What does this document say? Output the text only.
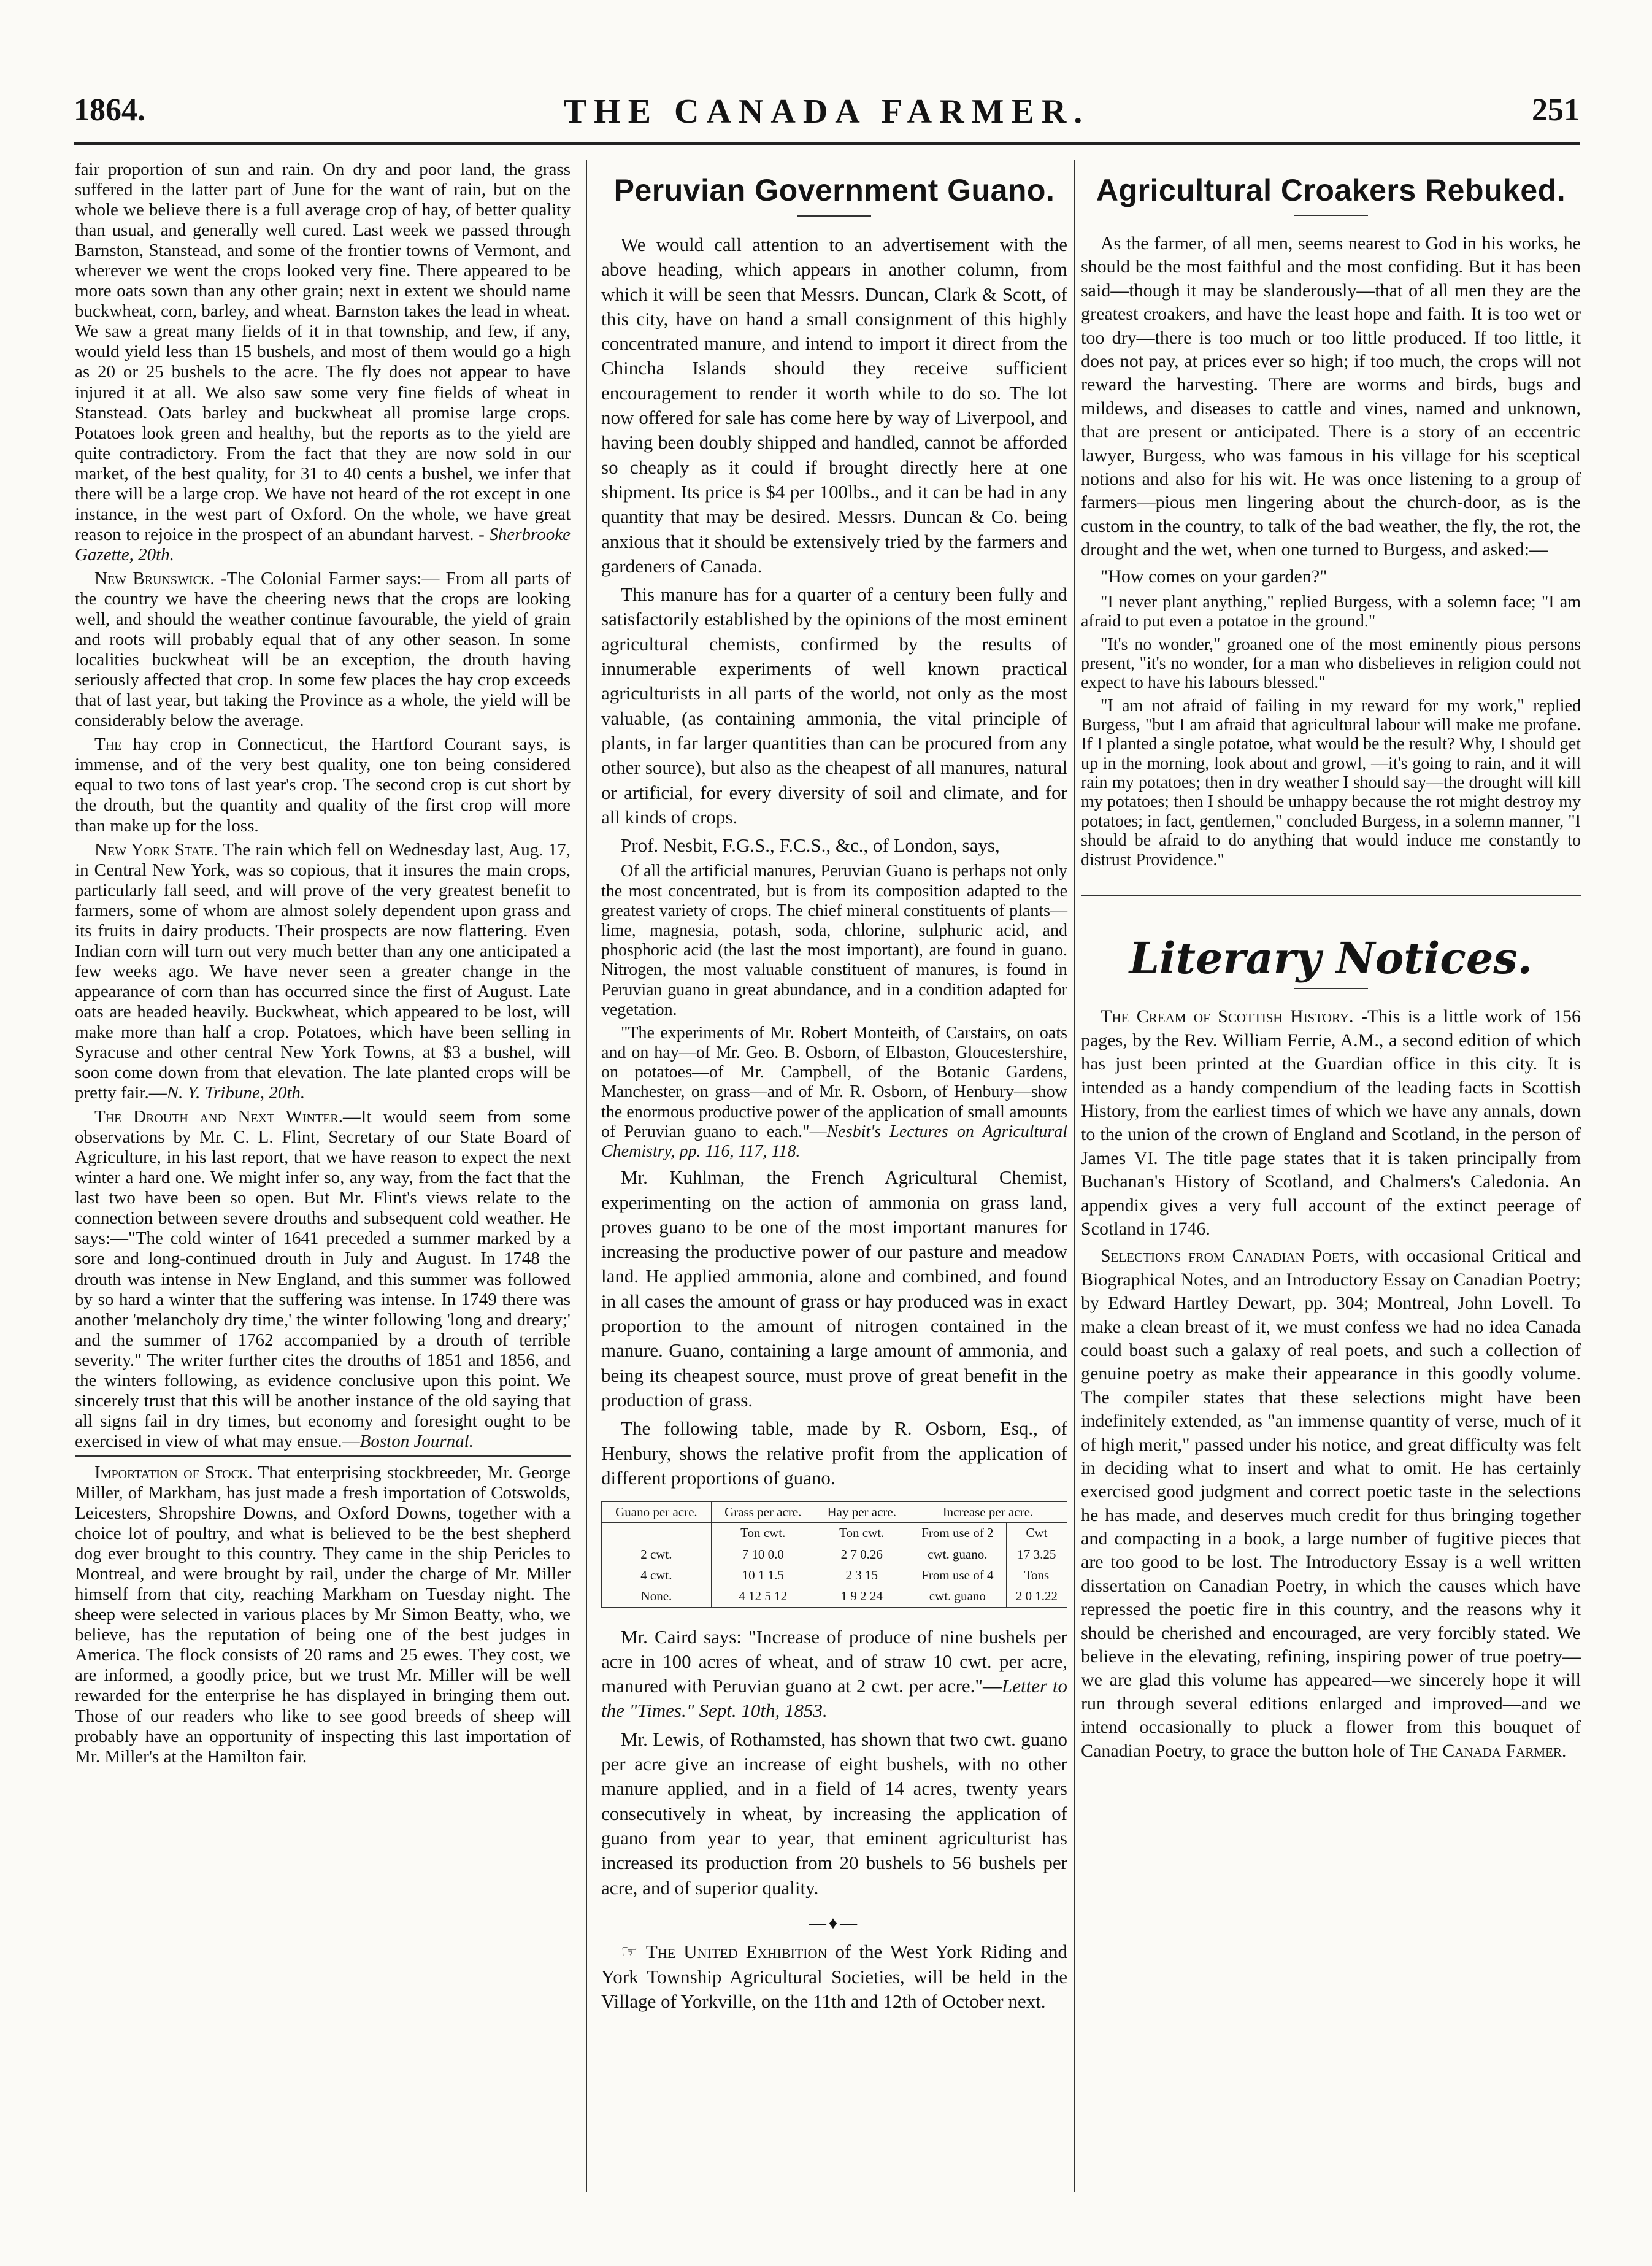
1864.	THE CANADA FARMER.	251

fair proportion of sun and rain. On dry and poor land, the grass suffered in the latter part of June for the want of rain, but on the whole we believe there is a full average crop of hay, of better quality than usual, and generally well cured. Last week we passed through Barnston, Stanstead, and some of the frontier towns of Vermont, and wherever we went the crops looked very fine. There appeared to be more oats sown than any other grain; next in extent we should name buckwheat, corn, barley, and wheat. Barnston takes the lead in wheat. We saw a great many fields of it in that township, and few, if any, would yield less than 15 bushels, and most of them would go a high as 20 or 25 bushels to the acre. The fly does not appear to have injured it at all. We also saw some very fine fields of wheat in Stanstead. Oats barley and buckwheat all promise large crops. Potatoes look green and healthy, but the reports as to the yield are quite contradictory. From the fact that they are now sold in our market, of the best quality, for 31 to 40 cents a bushel, we infer that there will be a large crop. We have not heard of the rot except in one instance, in the west part of Oxford. On the whole, we have great reason to rejoice in the prospect of an abundant harvest. - Sherbrooke Gazette, 20th.

New Brunswick. -The Colonial Farmer says:— From all parts of the country we have the cheering news that the crops are looking well, and should the weather continue favourable, the yield of grain and roots will probably equal that of any other season. In some localities buckwheat will be an exception, the drouth having seriously affected that crop. In some few places the hay crop exceeds that of last year, but taking the Province as a whole, the yield will be considerably below the average.

The hay crop in Connecticut, the Hartford Courant says, is immense, and of the very best quality, one ton being considered equal to two tons of last year's crop. The second crop is cut short by the drouth, but the quantity and quality of the first crop will more than make up for the loss.

New York State. The rain which fell on Wednesday last, Aug. 17, in Central New York, was so copious, that it insures the main crops, particularly fall seed, and will prove of the very greatest benefit to farmers, some of whom are almost solely dependent upon grass and its fruits in dairy products. Their prospects are now flattering. Even Indian corn will turn out very much better than any one anticipated a few weeks ago. We have never seen a greater change in the appearance of corn than has occurred since the first of August. Late oats are headed heavily. Buckwheat, which appeared to be lost, will make more than half a crop. Potatoes, which have been selling in Syracuse and other central New York Towns, at $3 a bushel, will soon come down from that elevation. The late planted crops will be pretty fair.—N. Y. Tribune, 20th.

The Drouth and Next Winter.—It would seem from some observations by Mr. C. L. Flint, Secretary of our State Board of Agriculture, in his last report, that we have reason to expect the next winter a hard one. We might infer so, any way, from the fact that the last two have been so open. But Mr. Flint's views relate to the connection between severe drouths and subsequent cold weather. He says:—"The cold winter of 1641 preceded a summer marked by a sore and long-continued drouth in July and August. In 1748 the drouth was intense in New England, and this summer was followed by so hard a winter that the suffering was intense. In 1749 there was another 'melancholy dry time,' the winter following 'long and dreary;' and the summer of 1762 accompanied by a drouth of terrible severity." The writer further cites the drouths of 1851 and 1856, and the winters following, as evidence conclusive upon this point. We sincerely trust that this will be another instance of the old saying that all signs fail in dry times, but economy and foresight ought to be exercised in view of what may ensue.—Boston Journal.

Importation of Stock. That enterprising stockbreeder, Mr. George Miller, of Markham, has just made a fresh importation of Cotswolds, Leicesters, Shropshire Downs, and Oxford Downs, together with a choice lot of poultry, and what is believed to be the best shepherd dog ever brought to this country. They came in the ship Pericles to Montreal, and were brought by rail, under the charge of Mr. Miller himself from that city, reaching Markham on Tuesday night. The sheep were selected in various places by Mr Simon Beatty, who, we believe, has the reputation of being one of the best judges in America. The flock consists of 20 rams and 25 ewes. They cost, we are informed, a goodly price, but we trust Mr. Miller will be well rewarded for the enterprise he has displayed in bringing them out. Those of our readers who like to see good breeds of sheep will probably have an opportunity of inspecting this last importation of Mr. Miller's at the Hamilton fair.

Peruvian Government Guano.

We would call attention to an advertisement with the above heading, which appears in another column, from which it will be seen that Messrs. Duncan, Clark & Scott, of this city, have on hand a small consignment of this highly concentrated manure, and intend to import it direct from the Chincha Islands should they receive sufficient encouragement to render it worth while to do so. The lot now offered for sale has come here by way of Liverpool, and having been doubly shipped and handled, cannot be afforded so cheaply as it could if brought directly here at one shipment. Its price is $4 per 100lbs., and it can be had in any quantity that may be desired. Messrs. Duncan & Co. being anxious that it should be extensively tried by the farmers and gardeners of Canada.

This manure has for a quarter of a century been fully and satisfactorily established by the opinions of the most eminent agricultural chemists, confirmed by the results of innumerable experiments of well known practical agriculturists in all parts of the world, not only as the most valuable, (as containing ammonia, the vital principle of plants, in far larger quantities than can be procured from any other source), but also as the cheapest of all manures, natural or artificial, for every diversity of soil and climate, and for all kinds of crops.

Prof. Nesbit, F.G.S., F.C.S., &c., of London, says,

Of all the artificial manures, Peruvian Guano is perhaps not only the most concentrated, but is from its composition adapted to the greatest variety of crops. The chief mineral constituents of plants—lime, magnesia, potash, soda, chlorine, sulphuric acid, and phosphoric acid (the last the most important), are found in guano. Nitrogen, the most valuable constituent of manures, is found in Peruvian guano in great abundance, and in a condition adapted for vegetation.

"The experiments of Mr. Robert Monteith, of Carstairs, on oats and on hay—of Mr. Geo. B. Osborn, of Elbaston, Gloucestershire, on potatoes—of Mr. Campbell, of the Botanic Gardens, Manchester, on grass—and of Mr. R. Osborn, of Henbury—show the enormous productive power of the application of small amounts of Peruvian guano to each."—Nesbit's Lectures on Agricultural Chemistry, pp. 116, 117, 118.

Mr. Kuhlman, the French Agricultural Chemist, experimenting on the action of ammonia on grass land, proves guano to be one of the most important manures for increasing the productive power of our pasture and meadow land. He applied ammonia, alone and combined, and found in all cases the amount of grass or hay produced was in exact proportion to the amount of nitrogen contained in the manure. Guano, containing a large amount of ammonia, and being its cheapest source, must prove of great benefit in the production of grass.

The following table, made by R. Osborn, Esq., of Henbury, shows the relative profit from the application of different proportions of guano.

Guano per acre.	Grass per acre.	Hay per acre.	Increase per acre.	
	Ton cwt.	Ton cwt.	From use of 2	Cwt
2 cwt.	7 10 0.0	2 7 0.26	cwt. guano.	17 3.25
4 cwt.	10 1 1.5	2 3 15	From use of 4	Tons
None.	4 12 5 12	1 9 2 24	cwt. guano	2 0 1.22

Mr. Caird says: "Increase of produce of nine bushels per acre in 100 acres of wheat, and of straw 10 cwt. per acre, manured with Peruvian guano at 2 cwt. per acre."—Letter to the "Times." Sept. 10th, 1853.

Mr. Lewis, of Rothamsted, has shown that two cwt. guano per acre give an increase of eight bushels, with no other manure applied, and in a field of 14 acres, twenty years consecutively in wheat, by increasing the application of guano from year to year, that eminent agriculturist has increased its production from 20 bushels to 56 bushels per acre, and of superior quality.

—♦—

☞ The United Exhibition of the West York Riding and York Township Agricultural Societies, will be held in the Village of Yorkville, on the 11th and 12th of October next.

Agricultural Croakers Rebuked.

As the farmer, of all men, seems nearest to God in his works, he should be the most faithful and the most confiding. But it has been said—though it may be slanderously—that of all men they are the greatest croakers, and have the least hope and faith. It is too wet or too dry—there is too much or too little produced. If too little, it does not pay, at prices ever so high; if too much, the crops will not reward the harvesting. There are worms and birds, bugs and mildews, and diseases to cattle and vines, named and unknown, that are present or anticipated. There is a story of an eccentric lawyer, Burgess, who was famous in his village for his sceptical notions and also for his wit. He was once listening to a group of farmers—pious men lingering about the church-door, as is the custom in the country, to talk of the bad weather, the fly, the rot, the drought and the wet, when one turned to Burgess, and asked:—

"How comes on your garden?"

"I never plant anything," replied Burgess, with a solemn face; "I am afraid to put even a potatoe in the ground."

"It's no wonder," groaned one of the most eminently pious persons present, "it's no wonder, for a man who disbelieves in religion could not expect to have his labours blessed."

"I am not afraid of failing in my reward for my work," replied Burgess, "but I am afraid that agricultural labour will make me profane. If I planted a single potatoe, what would be the result? Why, I should get up in the morning, look about and growl, —it's going to rain, and it will rain my potatoes; then in dry weather I should say—the drought will kill my potatoes; then I should be unhappy because the rot might destroy my potatoes; in fact, gentlemen," concluded Burgess, in a solemn manner, "I should be afraid to do anything that would induce me constantly to distrust Providence."

Literary Notices.

The Cream of Scottish History. -This is a little work of 156 pages, by the Rev. William Ferrie, A.M., a second edition of which has just been printed at the Guardian office in this city. It is intended as a handy compendium of the leading facts in Scottish History, from the earliest times of which we have any annals, down to the union of the crown of England and Scotland, in the person of James VI. The title page states that it is taken principally from Buchanan's History of Scotland, and Chalmers's Caledonia. An appendix gives a very full account of the extinct peerage of Scotland in 1746.

Selections from Canadian Poets, with occasional Critical and Biographical Notes, and an Introductory Essay on Canadian Poetry; by Edward Hartley Dewart, pp. 304; Montreal, John Lovell. To make a clean breast of it, we must confess we had no idea Canada could boast such a galaxy of real poets, and such a collection of genuine poetry as make their appearance in this goodly volume. The compiler states that these selections might have been indefinitely extended, as "an immense quantity of verse, much of it of high merit," passed under his notice, and great difficulty was felt in deciding what to insert and what to omit. He has certainly exercised good judgment and correct poetic taste in the selections he has made, and deserves much credit for thus bringing together and compacting in a book, a large number of fugitive pieces that are too good to be lost. The Introductory Essay is a well written dissertation on Canadian Poetry, in which the causes which have repressed the poetic fire in this country, and the reasons why it should be cherished and encouraged, are very forcibly stated. We believe in the elevating, refining, inspiring power of true poetry—we are glad this volume has appeared—we sincerely hope it will run through several editions enlarged and improved—and we intend occasionally to pluck a flower from this bouquet of Canadian Poetry, to grace the button hole of The Canada Farmer.
